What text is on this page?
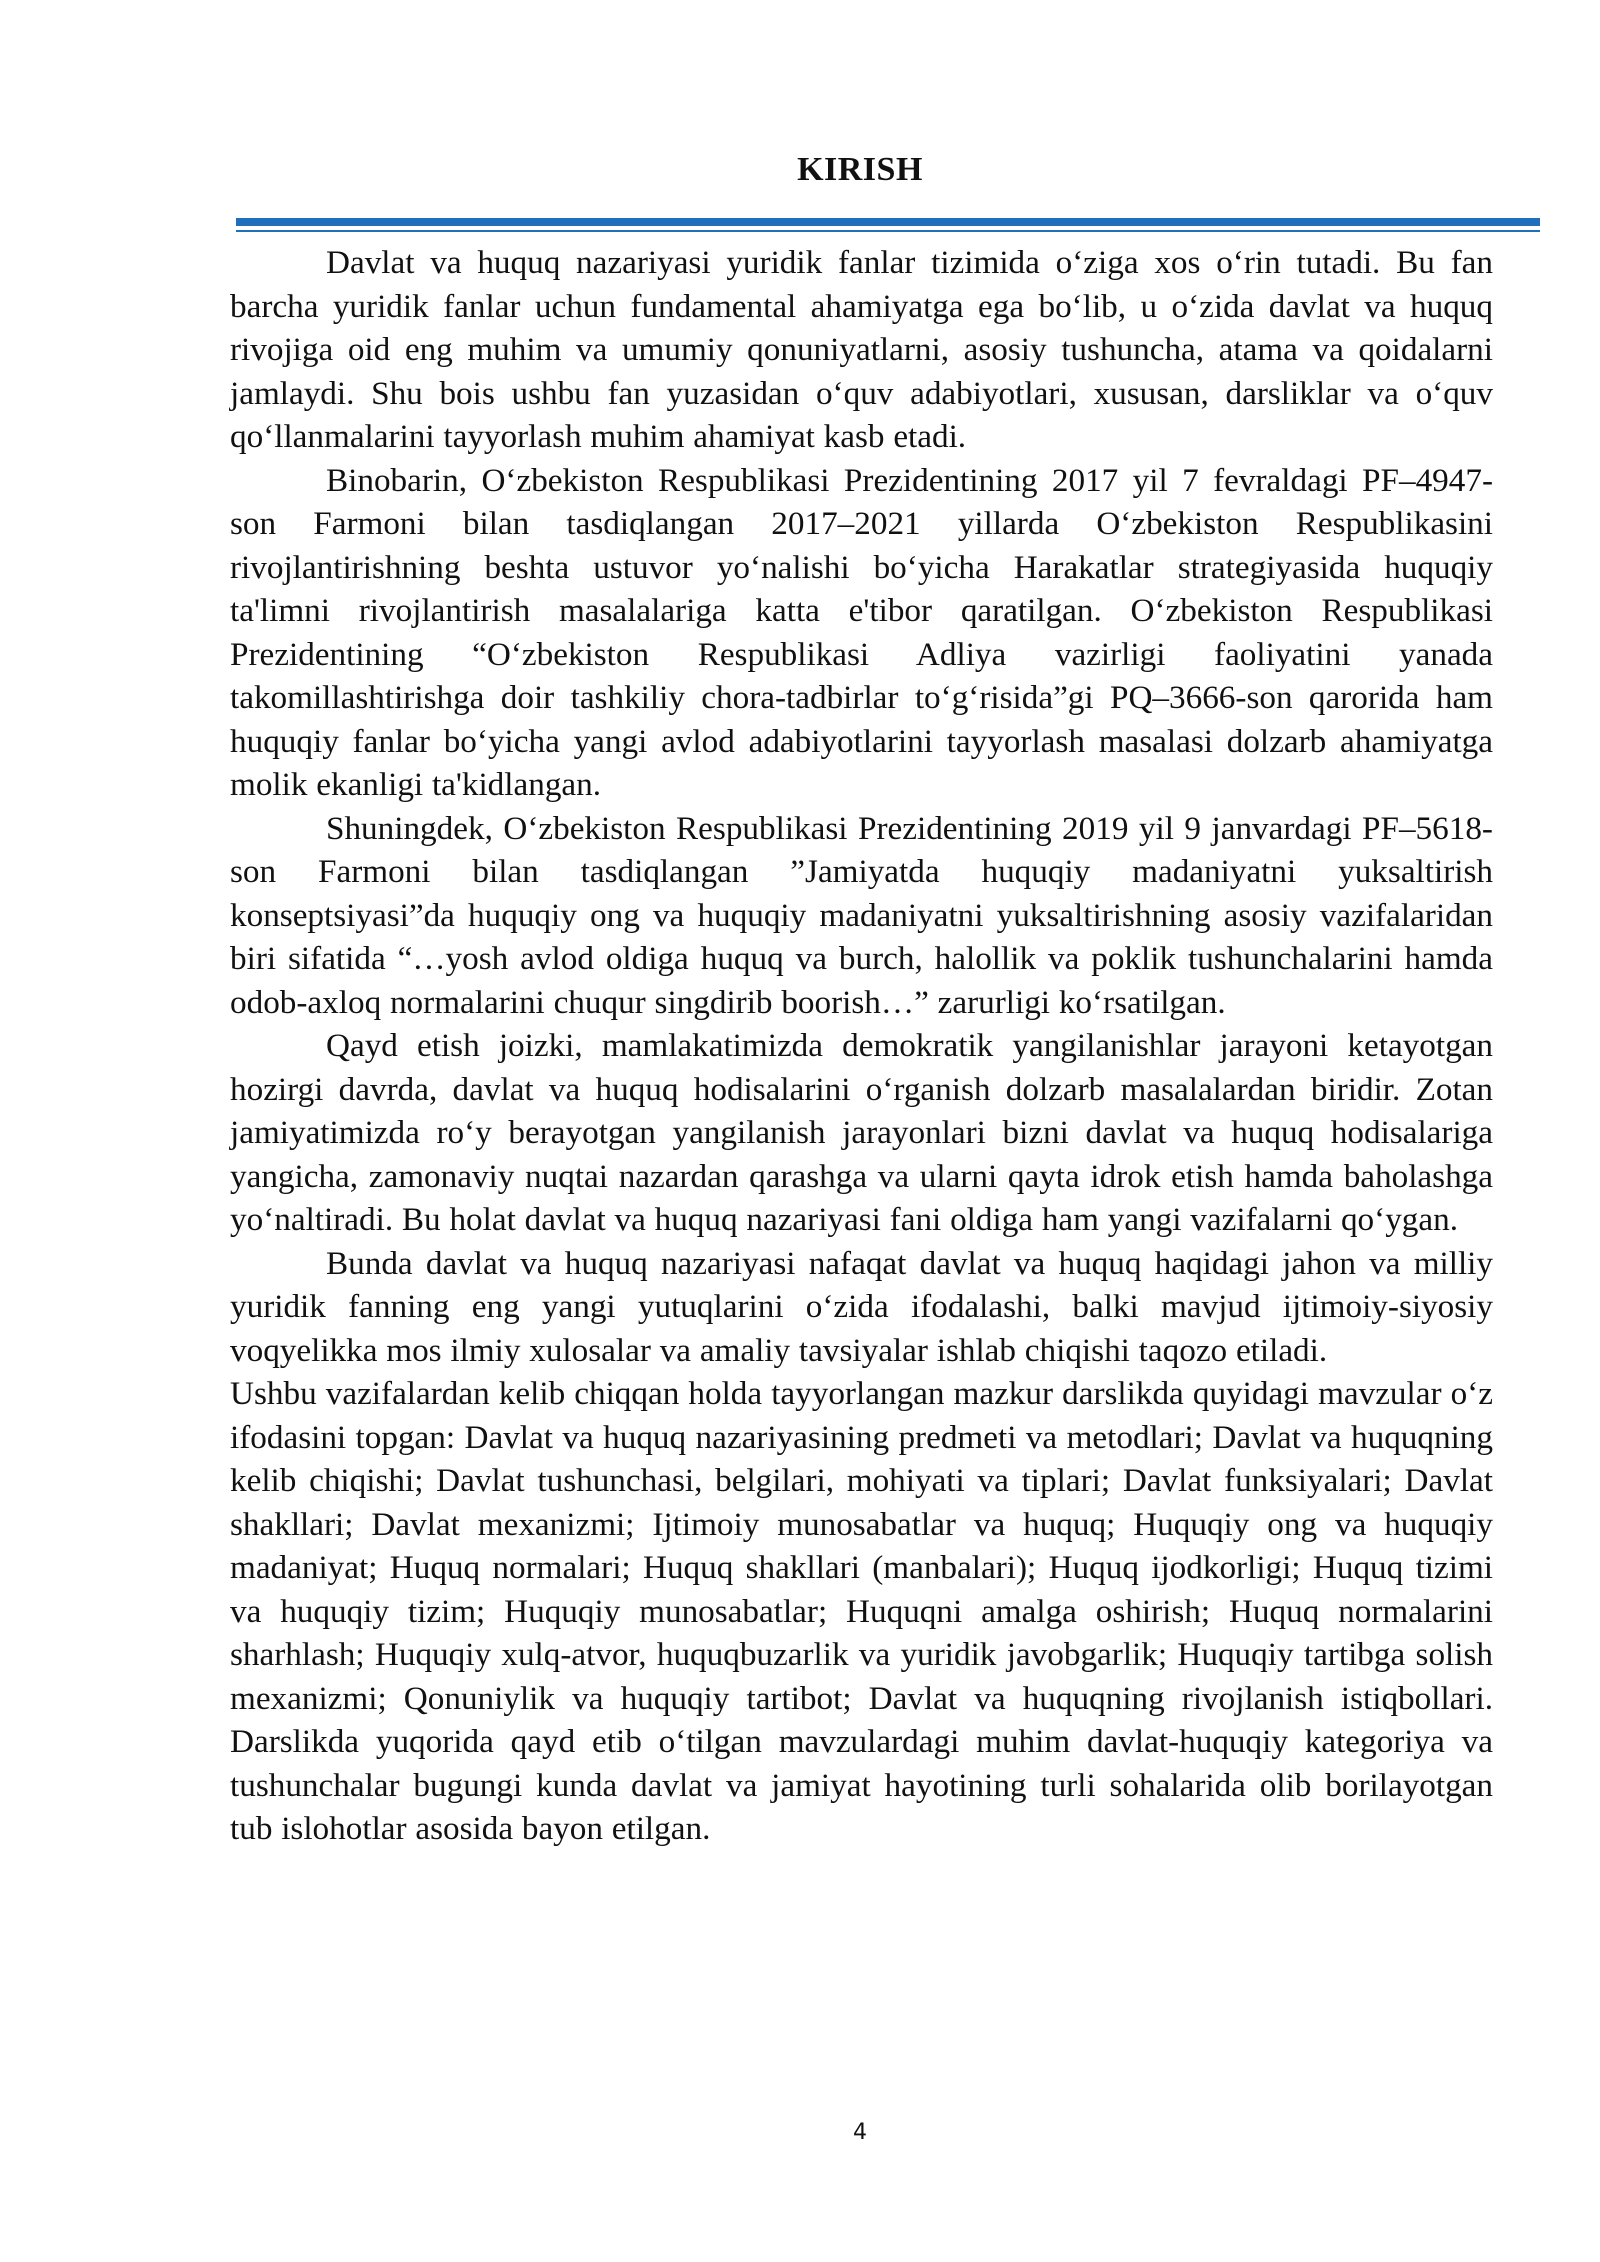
KIRISH

Davlat va huquq nazariyasi yuridik fanlar tizimida o‘ziga xos o‘rin tutadi. Bu fan barcha yuridik fanlar uchun fundamental ahamiyatga ega bo‘lib, u o‘zida davlat va huquq rivojiga oid eng muhim va umumiy qonuniyatlarni, asosiy tushuncha, atama va qoidalarni jamlaydi. Shu bois ushbu fan yuzasidan o‘quv adabiyotlari, xususan, darsliklar va o‘quv qo‘llanmalarini tayyorlash muhim ahamiyat kasb etadi.

Binobarin, O‘zbekiston Respublikasi Prezidentining 2017 yil 7 fevraldagi PF–4947-son Farmoni bilan tasdiqlangan 2017–2021 yillarda O‘zbekiston Respublikasini rivojlantirishning beshta ustuvor yo‘nalishi bo‘yicha Harakatlar strategiyasida huquqiy ta'limni rivojlantirish masalalariga katta e'tibor qaratilgan. O‘zbekiston Respublikasi Prezidentining “O‘zbekiston Respublikasi Adliya vazirligi faoliyatini yanada takomillashtirishga doir tashkiliy chora-tadbirlar to‘g‘risida”gi PQ–3666-son qarorida ham huquqiy fanlar bo‘yicha yangi avlod adabiyotlarini tayyorlash masalasi dolzarb ahamiyatga molik ekanligi ta'kidlangan.

Shuningdek, O‘zbekiston Respublikasi Prezidentining 2019 yil 9 janvardagi PF–5618-son Farmoni bilan tasdiqlangan ”Jamiyatda huquqiy madaniyatni yuksaltirish konseptsiyasi”da huquqiy ong va huquqiy madaniyatni yuksaltirishning asosiy vazifalaridan biri sifatida “…yosh avlod oldiga huquq va burch, halollik va poklik tushunchalarini hamda odob-axloq normalarini chuqur singdirib boorish…” zarurligi ko‘rsatilgan.

Qayd etish joizki, mamlakatimizda demokratik yangilanishlar jarayoni ketayotgan hozirgi davrda, davlat va huquq hodisalarini o‘rganish dolzarb masalalardan biridir. Zotan jamiyatimizda ro‘y berayotgan yangilanish jarayonlari bizni davlat va huquq hodisalariga yangicha, zamonaviy nuqtai nazardan qarashga va ularni qayta idrok etish hamda baholashga yo‘naltiradi. Bu holat davlat va huquq nazariyasi fani oldiga ham yangi vazifalarni qo‘ygan.

Bunda davlat va huquq nazariyasi nafaqat davlat va huquq haqidagi jahon va milliy yuridik fanning eng yangi yutuqlarini o‘zida ifodalashi, balki mavjud ijtimoiy-siyosiy voqyelikka mos ilmiy xulosalar va amaliy tavsiyalar ishlab chiqishi taqozo etiladi.

Ushbu vazifalardan kelib chiqqan holda tayyorlangan mazkur darslikda quyidagi mavzular o‘z ifodasini topgan: Davlat va huquq nazariyasining predmeti va metodlari; Davlat va huquqning kelib chiqishi; Davlat tushunchasi, belgilari, mohiyati va tiplari; Davlat funksiyalari; Davlat shakllari; Davlat mexanizmi; Ijtimoiy munosabatlar va huquq; Huquqiy ong va huquqiy madaniyat; Huquq normalari; Huquq shakllari (manbalari); Huquq ijodkorligi; Huquq tizimi va huquqiy tizim; Huquqiy munosabatlar; Huquqni amalga oshirish; Huquq normalarini sharhlash; Huquqiy xulq-atvor, huquqbuzarlik va yuridik javobgarlik; Huquqiy tartibga solish mexanizmi; Qonuniylik va huquqiy tartibot; Davlat va huquqning rivojlanish istiqbollari. Darslikda yuqorida qayd etib o‘tilgan mavzulardagi muhim davlat-huquqiy kategoriya va tushunchalar bugungi kunda davlat va jamiyat hayotining turli sohalarida olib borilayotgan tub islohotlar asosida bayon etilgan.

4
